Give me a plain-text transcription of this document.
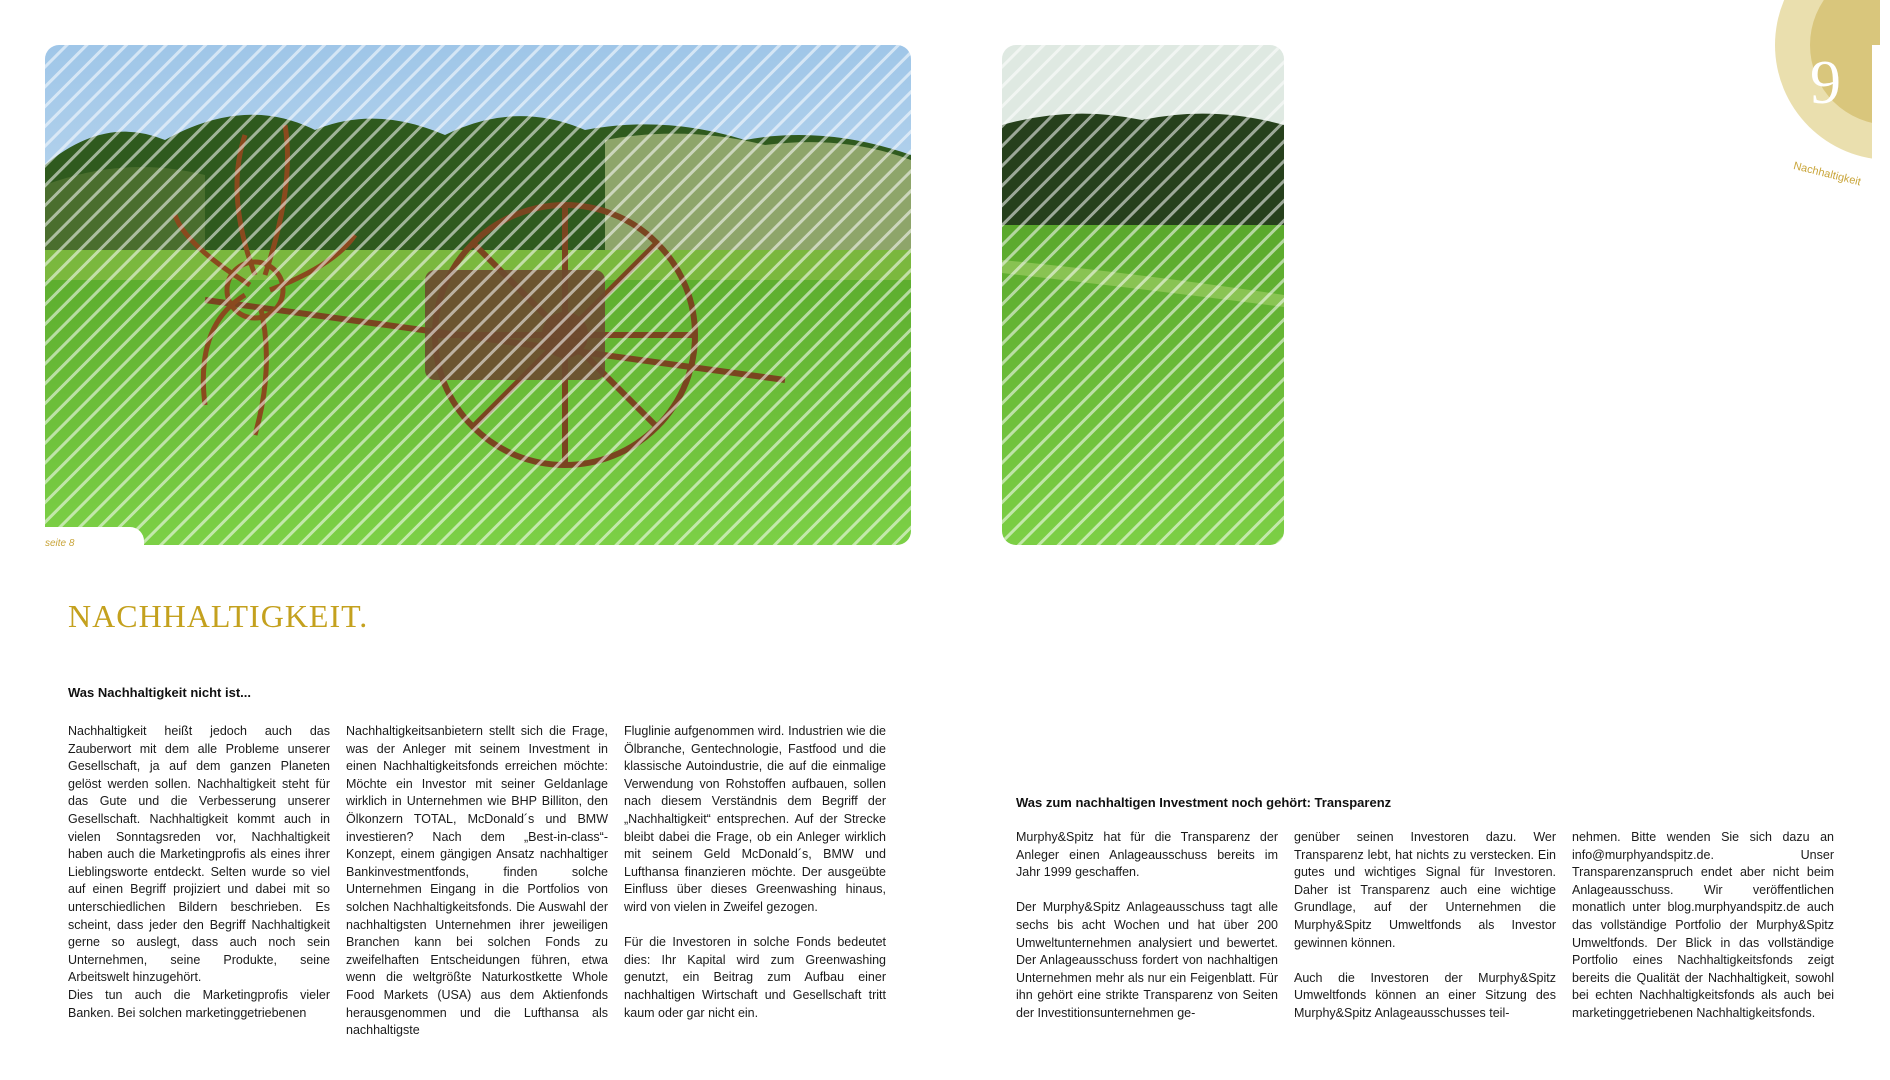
seite 8
9
Nachhaltigkeit
NACHHALTIGKEIT.
Was Nachhaltigkeit nicht ist...

Nachhaltigkeit heißt jedoch auch das Zauberwort mit dem alle Probleme unserer Gesellschaft, ja auf dem ganzen Planeten gelöst werden sollen. Nachhaltigkeit steht für das Gute und die Verbesserung unserer Gesellschaft. Nachhaltigkeit kommt auch in vielen Sonntagsreden vor, Nachhaltigkeit haben auch die Marketingprofis als eines ihrer Lieblingsworte entdeckt. Selten wurde so viel auf einen Begriff projiziert und dabei mit so unterschiedlichen Bildern beschrieben. Es scheint, dass jeder den Begriff Nachhaltigkeit gerne so auslegt, dass auch noch sein Unternehmen, seine Produkte, seine Arbeitswelt hinzugehört.

Dies tun auch die Marketingprofis vieler Banken. Bei solchen marketinggetriebenen

Nachhaltigkeitsanbietern stellt sich die Frage, was der Anleger mit seinem Investment in einen Nachhaltigkeitsfonds erreichen möchte: Möchte ein Investor mit seiner Geldanlage wirklich in Unternehmen wie BHP Billiton, den Ölkonzern TOTAL, McDonald´s und BMW investieren? Nach dem „Best-in-class“-Konzept, einem gängigen Ansatz nachhaltiger Bankinvestmentfonds, finden solche Unternehmen Eingang in die Portfolios von solchen Nachhaltigkeitsfonds. Die Auswahl der nachhaltigsten Unternehmen ihrer jeweiligen Branchen kann bei solchen Fonds zu zweifelhaften Entscheidungen führen, etwa wenn die weltgrößte Naturkostkette Whole Food Markets (USA) aus dem Aktienfonds herausgenommen und die Lufthansa als nachhaltigste

Fluglinie aufgenommen wird. Industrien wie die Ölbranche, Gentechnologie, Fastfood und die klassische Autoindustrie, die auf die einmalige Verwendung von Rohstoffen aufbauen, sollen nach diesem Verständnis dem Begriff der „Nachhaltigkeit“ entsprechen. Auf der Strecke bleibt dabei die Frage, ob ein Anleger wirklich mit seinem Geld McDonald´s, BMW und Lufthansa finanzieren möchte. Der ausgeübte Einfluss über dieses Greenwashing hinaus, wird von vielen in Zweifel gezogen.

Für die Investoren in solche Fonds bedeutet dies: Ihr Kapital wird zum Greenwashing genutzt, ein Beitrag zum Aufbau einer nachhaltigen Wirtschaft und Gesellschaft tritt kaum oder gar nicht ein.

Was zum nachhaltigen Investment noch gehört: Transparenz

Murphy&Spitz hat für die Transparenz der Anleger einen Anlageausschuss bereits im Jahr 1999 geschaffen.

Der Murphy&Spitz Anlageausschuss tagt alle sechs bis acht Wochen und hat über 200 Umweltunternehmen analysiert und bewertet. Der Anlageausschuss fordert von nachhaltigen Unternehmen mehr als nur ein Feigenblatt. Für ihn gehört eine strikte Transparenz von Seiten der Investitionsunternehmen ge-

genüber seinen Investoren dazu. Wer Transparenz lebt, hat nichts zu verstecken. Ein gutes und wichtiges Signal für Investoren. Daher ist Transparenz auch eine wichtige Grundlage, auf der Unternehmen die Murphy&Spitz Umweltfonds als Investor gewinnen können.

Auch die Investoren der Murphy&Spitz Umweltfonds können an einer Sitzung des Murphy&Spitz Anlageausschusses teil-

nehmen. Bitte wenden Sie sich dazu an info@murphyandspitz.de. Unser Transparenzanspruch endet aber nicht beim Anlageausschuss. Wir veröffentlichen monatlich unter blog.murphyandspitz.de auch das vollständige Portfolio der Murphy&Spitz Umweltfonds. Der Blick in das vollständige Portfolio eines Nachhaltigkeitsfonds zeigt bereits die Qualität der Nachhaltigkeit, sowohl bei echten Nachhaltigkeitsfonds als auch bei marketinggetriebenen Nachhaltigkeitsfonds.
